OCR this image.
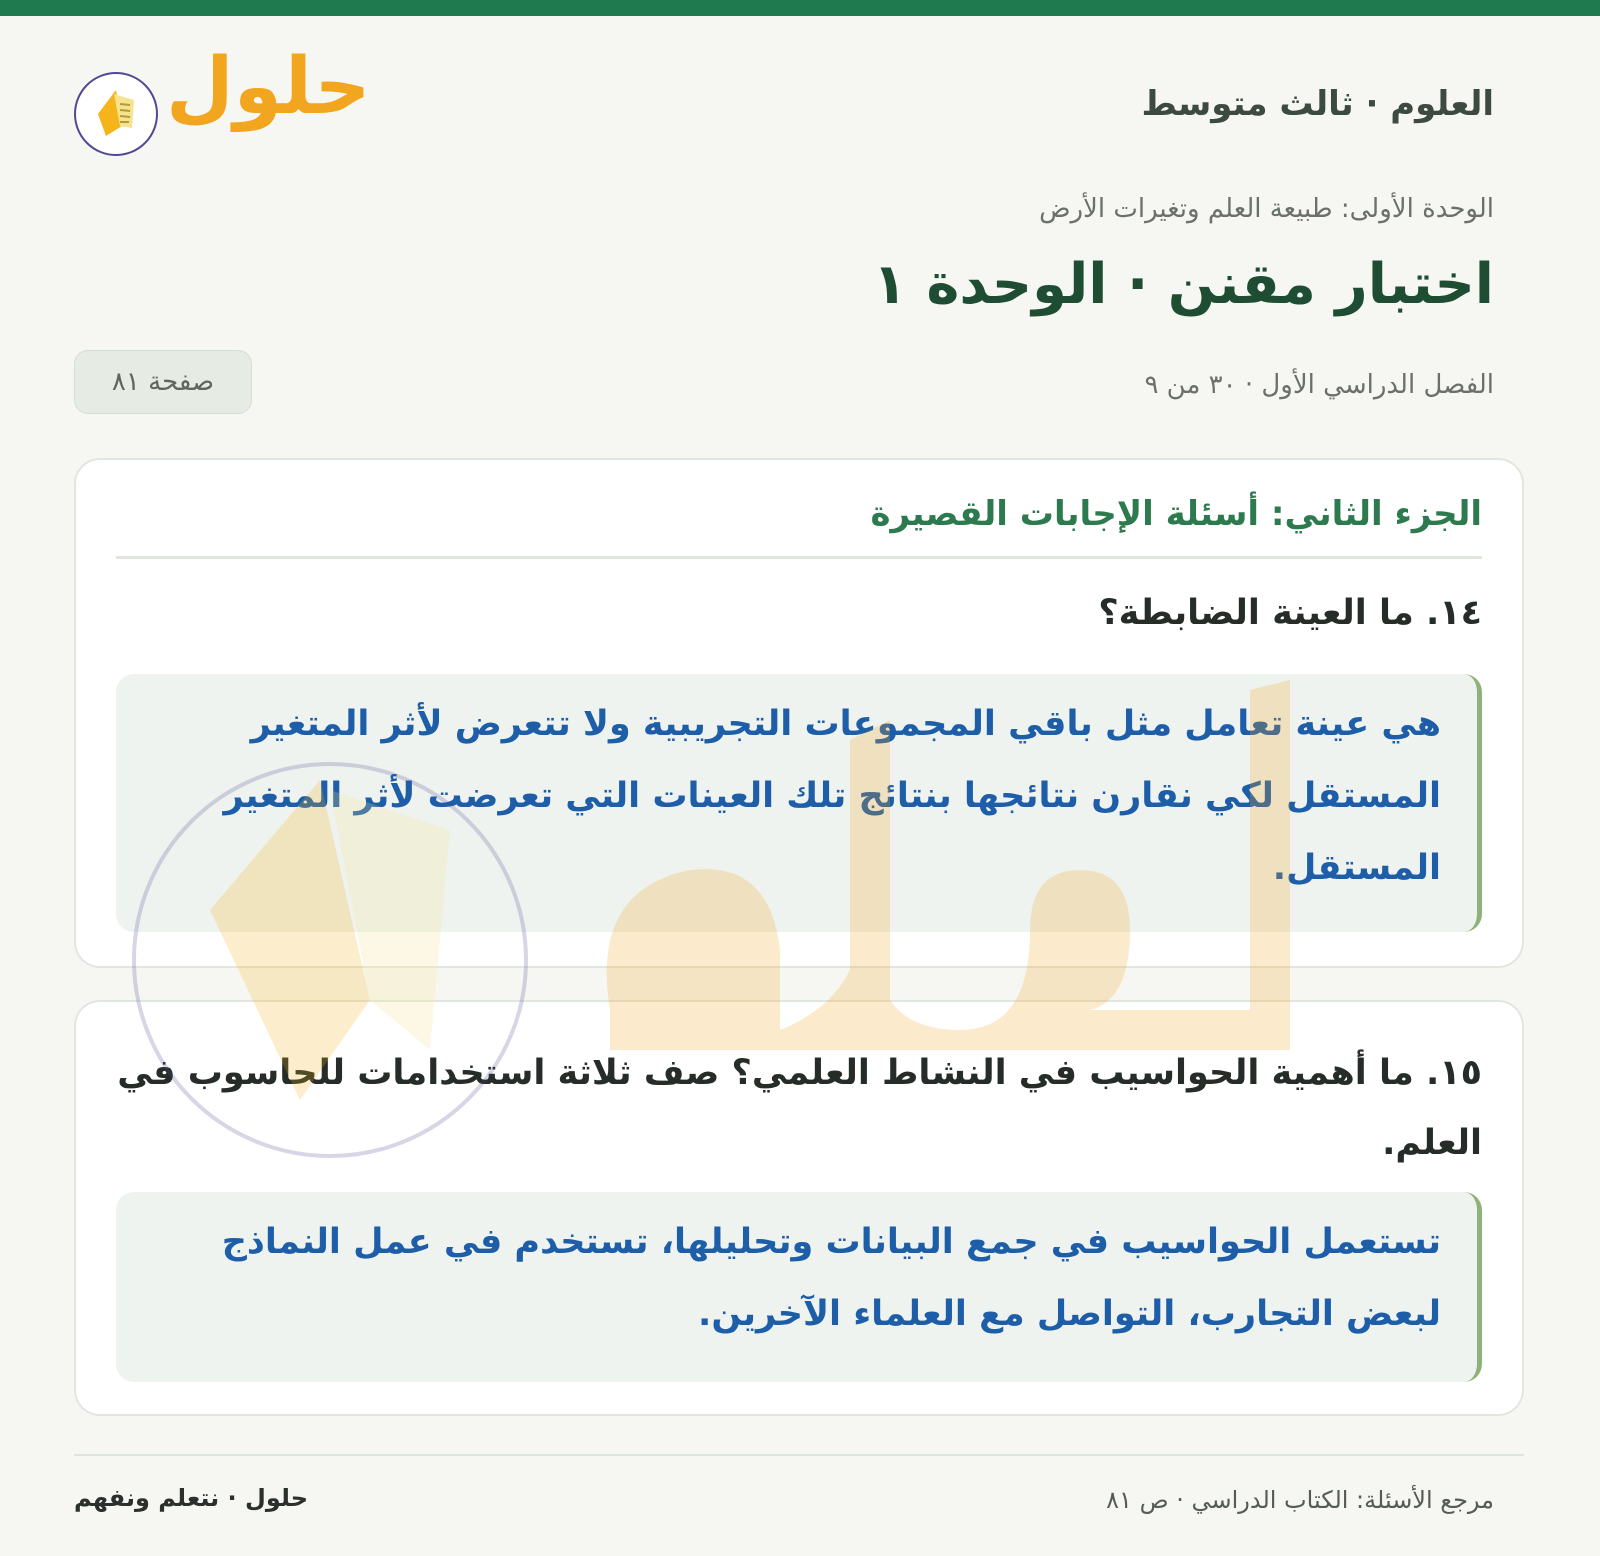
حلول	العلوم · ثالث متوسط
الوحدة الأولى: طبيعة العلم وتغيرات الأرض
اختبار مقنن · الوحدة ١
الفصل الدراسي الأول · ٣٠ من ٩
صفحة ٨١
الجزء الثاني: أسئلة الإجابات القصيرة
١٤. ما العينة الضابطة؟
هي عينة تعامل مثل باقي المجموعات التجريبية ولا تتعرض لأثر المتغير المستقل لكي نقارن نتائجها بنتائج تلك العينات التي تعرضت لأثر المتغير المستقل.
١٥. ما أهمية الحواسيب في النشاط العلمي؟ صف ثلاثة استخدامات للحاسوب في العلم.
تستعمل الحواسيب في جمع البيانات وتحليلها، تستخدم في عمل النماذج لبعض التجارب، التواصل مع العلماء الآخرين.
مرجع الأسئلة: الكتاب الدراسي · ص ٨١
حلول · نتعلم ونفهم
